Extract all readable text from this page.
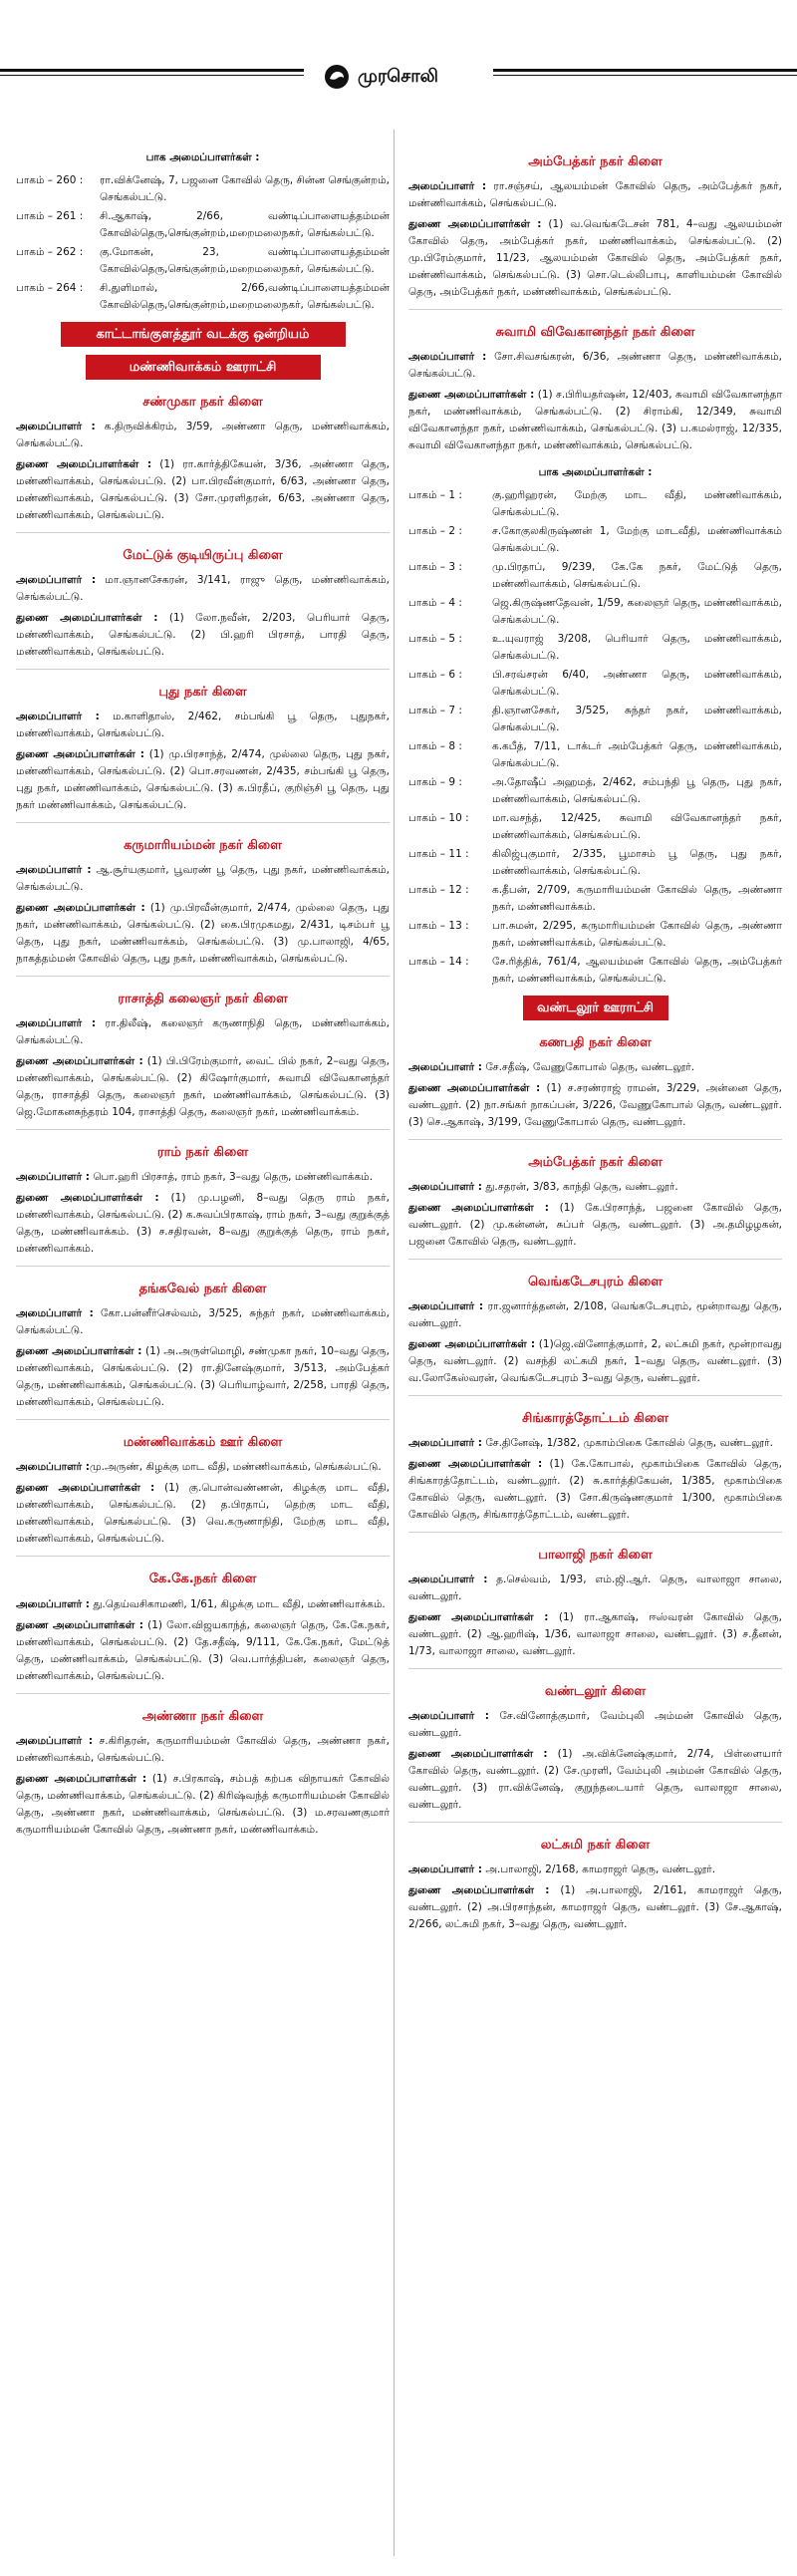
முரசொலி
பாக அமைப்பாளர்கள் :
பாகம் – 260 :	ரா.விக்னேஷ், 7, பஜனை கோவில் தெரு, சின்ன செங்குன்றம், செங்கல்பட்டு.
பாகம் – 261 :	சி.ஆகாஷ், 2/66, வண்டிப்பாளையத்தம்மன் கோவில்தெரு,செங்குன்றம்,மறைமலைநகர், செங்கல்பட்டு.
பாகம் – 262 :	கு.மோகன், 23, வண்டிப்பாளையத்தம்மன் கோவில்தெரு,செங்குன்றம்,மறைமலைநகர், செங்கல்பட்டு.
பாகம் – 264 :	சி.துளிமால், 2/66,வண்டிப்பாளையத்தம்மன் கோவில்தெரு,செங்குன்றம்,மறைமலைநகர், செங்கல்பட்டு.
காட்டாங்குளத்தூர் வடக்கு ஒன்றியம்
மண்ணிவாக்கம் ஊராட்சி
சண்முகா நகர் கிளை

அமைப்பாளர் : க.திருவிக்கிரம், 3/59, அண்ணா தெரு, மண்ணிவாக்கம், செங்கல்பட்டு.

துணை அமைப்பாளர்கள் : (1) ரா.கார்த்திகேயன், 3/36, அண்ணா தெரு, மண்ணிவாக்கம், செங்கல்பட்டு. (2) பா.பிரவீன்குமார், 6/63, அண்ணா தெரு, மண்ணிவாக்கம், செங்கல்பட்டு. (3) சோ.முரளிதரன், 6/63, அண்ணா தெரு, மண்ணிவாக்கம், செங்கல்பட்டு.

மேட்டுக் குடியிருப்பு கிளை

அமைப்பாளர் : மா.ஞானசேகரன், 3/141, ராஜு தெரு, மண்ணிவாக்கம், செங்கல்பட்டு.

துணை அமைப்பாளர்கள் : (1) லோ.நவீன், 2/203, பெரியார் தெரு, மண்ணிவாக்கம், செங்கல்பட்டு. (2) பி.ஹரி பிரசாத், பாரதி தெரு, மண்ணிவாக்கம், செங்கல்பட்டு.

புது நகர் கிளை

அமைப்பாளர் : ம.காளிதாஸ், 2/462, சம்பங்கி பூ தெரு, புதுநகர், மண்ணிவாக்கம், செங்கல்பட்டு.

துணை அமைப்பாளர்கள் : (1) மு.பிரசாந்த், 2/474, முல்லை தெரு, புது நகர், மண்ணிவாக்கம், செங்கல்பட்டு. (2) பொ.சரவணன், 2/435, சம்பங்கி பூ தெரு, புது நகர், மண்ணிவாக்கம், செங்கல்பட்டு. (3) க.பிரதீப், குறிஞ்சி பூ தெரு, புது நகர் மண்ணிவாக்கம், செங்கல்பட்டு.

கருமாரியம்மன் நகர் கிளை

அமைப்பாளர் : ஆ.சூர்யகுமார், பூவரண் பூ தெரு, புது நகர், மண்ணிவாக்கம், செங்கல்பட்டு.

துணை அமைப்பாளர்கள் : (1) மு.பிரவீன்குமார், 2/474, முல்லை தெரு, புது நகர், மண்ணிவாக்கம், செங்கல்பட்டு. (2) கை.பிரமுகமது, 2/431, டிசம்பர் பூ தெரு, புது நகர், மண்ணிவாக்கம், செங்கல்பட்டு. (3) மு.பாலாஜி, 4/65, நாகத்தம்மன் கோவில் தெரு, புது நகர், மண்ணிவாக்கம், செங்கல்பட்டு.

ராசாத்தி கலைஞர் நகர் கிளை

அமைப்பாளர் : ரா.திலீஷ், கலைஞர் கருணாநிதி தெரு, மண்ணிவாக்கம், செங்கல்பட்டு.

துணை அமைப்பாளர்கள் : (1) பி.பிரேம்குமார், வைட் பில் நகர், 2–வது தெரு, மண்ணிவாக்கம், செங்கல்பட்டு. (2) கிஷோர்குமார், சுவாமி விவேகானந்தர் தெரு, ராசாத்தி தெரு, கலைஞர் நகர், மண்ணிவாக்கம், செங்கல்பட்டு. (3) ஜெ.மோகனசுந்தரம் 104, ராசாத்தி தெரு, கலைஞர் நகர், மண்ணிவாக்கம்.

ராம் நகர் கிளை

அமைப்பாளர் : பொ.ஹரி பிரசாத், ராம் நகர், 3–வது தெரு, மண்ணிவாக்கம்.

துணை அமைப்பாளர்கள் : (1) மு.பழனி, 8–வது தெரு ராம் நகர், மண்ணிவாக்கம், செங்கல்பட்டு. (2) க.சுவப்பிரகாஷ், ராம் நகர், 3–வது குறுக்குத் தெரு, மண்ணிவாக்கம். (3) ச.சதிரவன், 8–வது குறுக்குத் தெரு, ராம் நகர், மண்ணிவாக்கம்.

தங்கவேல் நகர் கிளை

அமைப்பாளர் : கோ.பன்னீர்செல்வம், 3/525, சுந்தர் நகர், மண்ணிவாக்கம், செங்கல்பட்டு.

துணை அமைப்பாளர்கள் : (1) அ.அருள்மொழி, சண்முகா நகர், 10–வது தெரு, மண்ணிவாக்கம், செங்கல்பட்டு. (2) ரா.தினேஷ்குமார், 3/513, அம்பேத்கர் தெரு, மண்ணிவாக்கம், செங்கல்பட்டு. (3) பெரியாழ்வார், 2/258, பாரதி தெரு, மண்ணிவாக்கம், செங்கல்பட்டு.

மண்ணிவாக்கம் ஊர் கிளை

அமைப்பாளர் :மு.அருண், கிழக்கு மாட வீதி, மண்ணிவாக்கம், செங்கல்பட்டு.

துணை அமைப்பாளர்கள் : (1) கு.பொன்வண்ணன், கிழக்கு மாட வீதி, மண்ணிவாக்கம், செங்கல்பட்டு. (2) த.பிரதாப், தெற்கு மாட வீதி, மண்ணிவாக்கம், செங்கல்பட்டு. (3) வெ.கருணாநிதி, மேற்கு மாட வீதி, மண்ணிவாக்கம், செங்கல்பட்டு.

கே.கே.நகர் கிளை

அமைப்பாளர் : து.தெய்வசிகாமணி, 1/61, கிழக்கு மாட வீதி, மண்ணிவாக்கம்.

துணை அமைப்பாளர்கள் : (1) லோ.விஜயகாந்த், கலைஞர் தெரு, கே.கே.நகர், மண்ணிவாக்கம், செங்கல்பட்டு. (2) தே.சதீஷ், 9/111, கே.கே.நகர், மேட்டுத் தெரு, மண்ணிவாக்கம், செங்கல்பட்டு. (3) வெ.பார்த்திபன், கலைஞர் தெரு, மண்ணிவாக்கம், செங்கல்பட்டு.

அண்ணா நகர் கிளை

அமைப்பாளர் : ச.கிரிதரன், கருமாரியம்மன் கோவில் தெரு, அண்ணா நகர், மண்ணிவாக்கம், செங்கல்பட்டு.

துணை அமைப்பாளர்கள் : (1) ச.பிரகாஷ், சம்பத் கற்பக விநாயகர் கோவில் தெரு, மண்ணிவாக்கம், செங்கல்பட்டு. (2) கிரிஷ்வந்த் கருமாரியம்மன் கோவில் தெரு, அண்ணா நகர், மண்ணிவாக்கம், செங்கல்பட்டு. (3) ம.சரவணகுமார் கருமாரியம்மன் கோவில் தெரு, அண்ணா நகர், மண்ணிவாக்கம்.

அம்பேத்கர் நகர் கிளை

அமைப்பாளர் : ரா.சஞ்சய், ஆலயம்மன் கோவில் தெரு, அம்பேத்கர் நகர், மண்ணிவாக்கம், செங்கல்பட்டு.

துணை அமைப்பாளர்கள் : (1) வ.வெங்கடேசன் 781, 4–வது ஆலயம்மன் கோவில் தெரு, அம்பேத்கர் நகர், மண்ணிவாக்கம், செங்கல்பட்டு. (2) மு.பிரேம்குமார், 11/23, ஆலயம்மன் கோவில் தெரு, அம்பேத்கர் நகர், மண்ணிவாக்கம், செங்கல்பட்டு. (3) சொ.டெல்லிபாபு, காளியம்மன் கோவில் தெரு, அம்பேத்கர் நகர், மண்ணிவாக்கம், செங்கல்பட்டு.

சுவாமி விவேகானந்தர் நகர் கிளை

அமைப்பாளர் : சோ.சிவசங்கரன், 6/36, அண்ணா தெரு, மண்ணிவாக்கம், செங்கல்பட்டு.

துணை அமைப்பாளர்கள் : (1) ச.பிரியதர்ஷன், 12/403, சுவாமி விவேகானந்தா நகர், மண்ணிவாக்கம், செங்கல்பட்டு. (2) சிராம்கி, 12/349, சுவாமி விவேகானந்தா நகர், மண்ணிவாக்கம், செங்கல்பட்டு. (3) ப.கமல்ராஜ், 12/335, சுவாமி விவேகானந்தா நகர், மண்ணிவாக்கம், செங்கல்பட்டு.

பாக அமைப்பாளர்கள் :
பாகம் – 1 :	கு.ஹரிஹரன், மேற்கு மாட வீதி, மண்ணிவாக்கம், செங்கல்பட்டு.
பாகம் – 2 :	ச.கோகுலகிருஷ்ணன் 1, மேற்கு மாடவீதி, மண்ணிவாக்கம் செங்கல்பட்டு.
பாகம் – 3 :	மு.பிரதாப், 9/239, கே.கே நகர், மேட்டுத் தெரு, மண்ணிவாக்கம், செங்கல்பட்டு.
பாகம் – 4 :	ஜெ.கிருஷ்ணதேவன், 1/59, கலைஞர் தெரு, மண்ணிவாக்கம், செங்கல்பட்டு.
பாகம் – 5 :	உ.யுவராஜ் 3/208, பெரியார் தெரு, மண்ணிவாக்கம், செங்கல்பட்டு.
பாகம் – 6 :	பி.சரவ்சரன் 6/40, அண்ணா தெரு, மண்ணிவாக்கம், செங்கல்பட்டு.
பாகம் – 7 :	தி.ஞானசேகர், 3/525, சுந்தர் நகர், மண்ணிவாக்கம், செங்கல்பட்டு.
பாகம் – 8 :	க.கபீத், 7/11, டாக்டர் அம்பேத்கர் தெரு, மண்ணிவாக்கம், செங்கல்பட்டு.
பாகம் – 9 :	அ.தோஷீப் அஹமத், 2/462, சம்பந்தி பூ தெரு, புது நகர், மண்ணிவாக்கம், செங்கல்பட்டு.
பாகம் – 10 :	மா.வசந்த், 12/425, சுவாமி விவேகானந்தர் நகர், மண்ணிவாக்கம், செங்கல்பட்டு.
பாகம் – 11 :	கிலிஜ்புகுமார், 2/335, பூமாசம் பூ தெரு, புது நகர், மண்ணிவாக்கம், செங்கல்பட்டு.
பாகம் – 12 :	க.தீபன், 2/709, கருமாரியம்மன் கோவில் தெரு, அண்ணா நகர், மண்ணிவாக்கம்.
பாகம் – 13 :	பா.சுமன், 2/295, கருமாரியம்மன் கோவில் தெரு, அண்ணா நகர், மண்ணிவாக்கம், செங்கல்பட்டு.
பாகம் – 14 :	சே.ரித்திக், 761/4, ஆலயம்மன் கோவில் தெரு, அம்பேத்கர் நகர், மண்ணிவாக்கம், செங்கல்பட்டு.
வண்டலூர் ஊராட்சி
கணபதி நகர் கிளை

அமைப்பாளர் : சே.சதீஷ், வேணுகோபால் தெரு, வண்டலூர்.

துணை அமைப்பாளர்கள் : (1) ச.சரண்ராஜ் ராமன், 3/229, அன்னை தெரு, வண்டலூர். (2) நா.சங்கர் நாகப்பன், 3/226, வேணுகோபால் தெரு, வண்டலூர். (3) செ.ஆகாஷ், 3/199, வேணுகோபால் தெரு, வண்டலூர்.

அம்பேத்கர் நகர் கிளை

அமைப்பாளர் : து.சதரன், 3/83, காந்தி தெரு, வண்டலூர்.

துணை அமைப்பாளர்கள் : (1) கே.பிரசாந்த், பஜனை கோவில் தெரு, வண்டலூர். (2) மு.கன்னன், சுப்பர் தெரு, வண்டலூர். (3) அ.தமிழழகன், பஜனை கோவில் தெரு, வண்டலூர்.

வெங்கடேசபுரம் கிளை

அமைப்பாளர் : ரா.ஜனார்த்தனன், 2/108, வெங்கடேசபுரம், மூன்றாவது தெரு, வண்டலூர்.

துணை அமைப்பாளர்கள் : (1)ஜெ.வினோத்குமார், 2, லட்சுமி நகர், மூன்றாவது தெரு, வண்டலூர். (2) வசந்தி லட்சுமி நகர், 1–வது தெரு, வண்டலூர். (3) வ.லோகேஸ்வரன், வெங்கடேசபுரம் 3–வது தெரு, வண்டலூர்.

சிங்காரத்தோட்டம் கிளை

அமைப்பாளர் : சே.தினேஷ், 1/382, முகாம்பிகை கோவில் தெரு, வண்டலூர்.

துணை அமைப்பாளர்கள் : (1) கே.கோபால், மூகாம்பிகை கோவில் தெரு, சிங்காரத்தோட்டம், வண்டலூர். (2) சு.கார்த்திகேயன், 1/385, மூகாம்பிகை கோவில் தெரு, வண்டலூர். (3) சோ.கிருஷ்ணகுமார் 1/300, மூகாம்பிகை கோவில் தெரு, சிங்காரத்தோட்டம், வண்டலூர்.

பாலாஜி நகர் கிளை

அமைப்பாளர் : த.செல்வம், 1/93, எம்.ஜி.ஆர். தெரு, வாலாஜா சாலை, வண்டலூர்.

துணை அமைப்பாளர்கள் : (1) ரா.ஆகாஷ், ஈஸ்வரன் கோவில் தெரு, வண்டலூர். (2) ஆ.ஹரிஷ், 1/36, வாலாஜா சாலை, வண்டலூர். (3) ச.தீனன், 1/73, வாலாஜா சாலை, வண்டலூர்.

வண்டலூர் கிளை

அமைப்பாளர் : சே.வினோத்குமார், வேம்புலி அம்மன் கோவில் தெரு, வண்டலூர்.

துணை அமைப்பாளர்கள் : (1) அ.விக்னேஷ்குமார், 2/74, பிள்ளையார் கோவில் தெரு, வண்டலூர். (2) சே.முரளி, வேம்புலி அம்மன் கோவில் தெரு, வண்டலூர். (3) ரா.விக்னேஷ், குறுந்தடையார் தெரு, வாலாஜா சாலை, வண்டலூர்.

லட்சுமி நகர் கிளை

அமைப்பாளர் : அ.பாலாஜி, 2/168, காமராஜர் தெரு, வண்டலூர்.

துணை அமைப்பாளர்கள் : (1) அ.பாலாஜி, 2/161, காமராஜர் தெரு, வண்டலூர். (2) அ.பிரசாந்தன், காமராஜர் தெரு, வண்டலூர். (3) சே.ஆகாஷ், 2/266, லட்சுமி நகர், 3–வது தெரு, வண்டலூர்.
